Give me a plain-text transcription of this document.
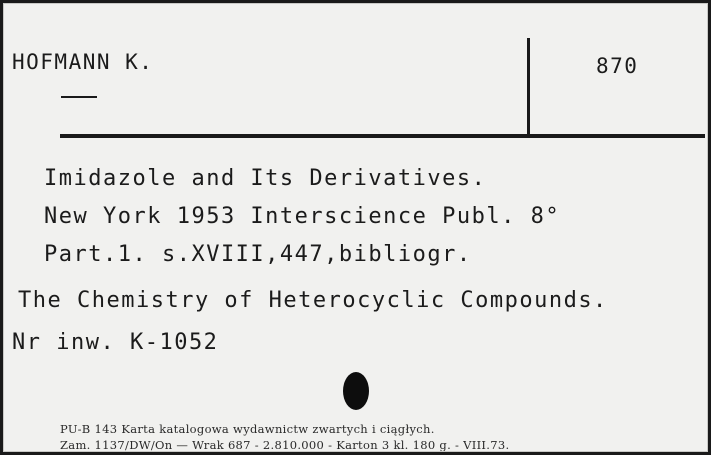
HOFMANN K.	870
Imidazole and Its Derivatives.
New York 1953 Interscience Publ. 8°
Part.1. s.XVIII,447,bibliogr.
The Chemistry of Heterocyclic Compounds.
Nr inw. K-1052
PU-B 143 Karta katalogowa wydawnictw zwartych i ciągłych.
Zam. 1137/DW/On — Wrak 687 - 2.810.000 - Karton 3 kl. 180 g. - VIII.73.
